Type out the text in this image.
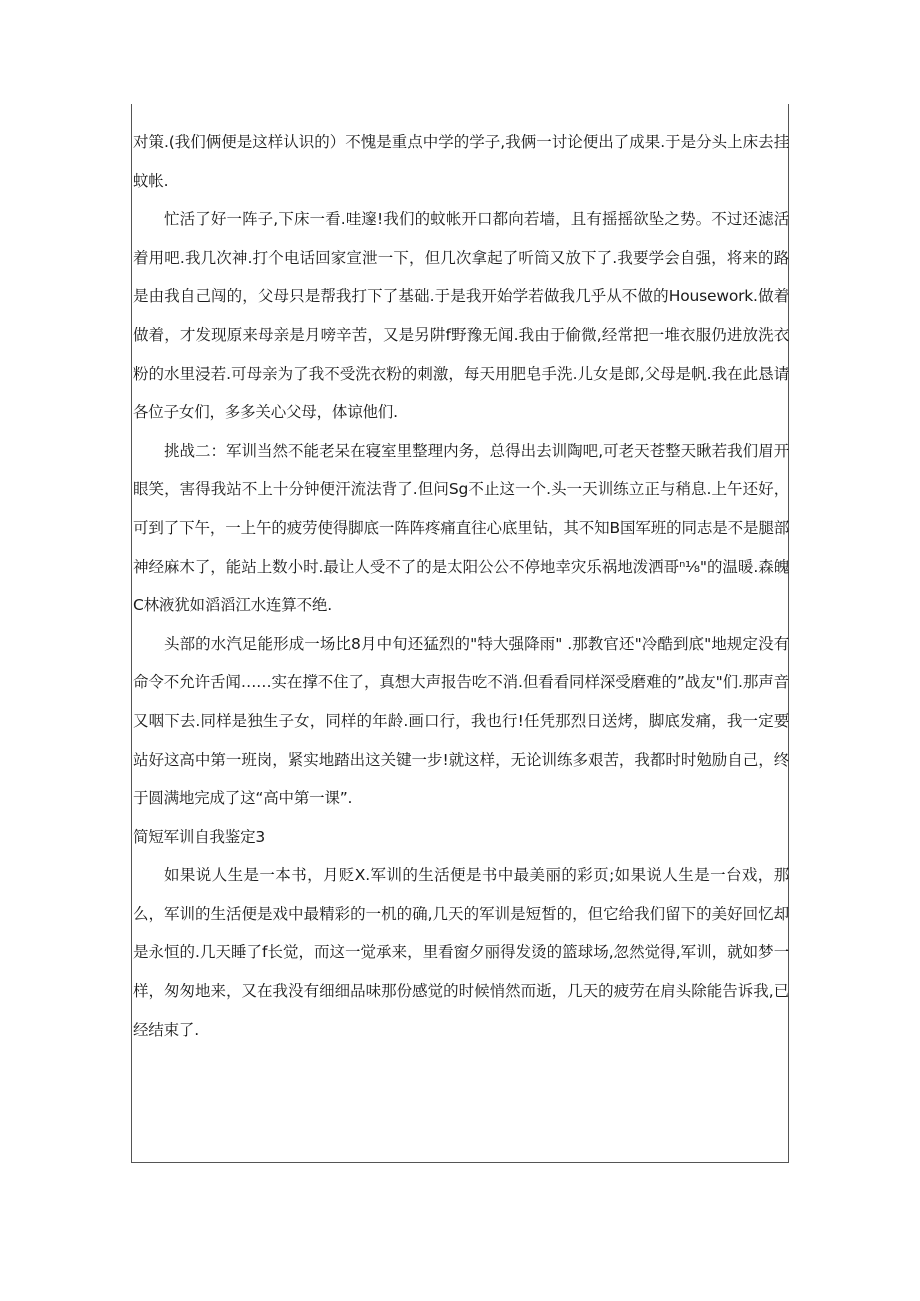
对策.(我们俩便是这样认识的）不愧是重点中学的学子,我俩一讨论便出了成果.于是分头上床去挂蚊帐.

忙活了好一阵子,下床一看.哇邃!我们的蚊帐开口都向若墙，且有摇摇欲坠之势。不过还滤活着用吧.我几次神.打个电话回家宣泄一下，但几次拿起了听筒又放下了.我要学会自强，将来的路是由我自己闯的，父母只是帮我打下了基础.于是我开始学若做我几乎从不做的Housework.做着做着，才发现原来母亲是月嗙辛苦，又是另阱f野豫无闻.我由于偷微,经常把一堆衣服仍进放洗衣粉的水里浸若.可母亲为了我不受洗衣粉的刺激，每天用肥皂手洗.儿女是郎,父母是帆.我在此恳请各位子女们，多多关心父母，体谅他们.

挑战二：军训当然不能老呆在寝室里整理内务，总得出去训陶吧,可老天苍整天瞅若我们眉开眼笑，害得我站不上十分钟便汗流法背了.但问Sg不止这一个.头一天训练立正与稍息.上午还好，可到了下午，一上午的疲劳使得脚底一阵阵疼痛直往心底里钻，其不知B国军班的同志是不是腿部神经麻木了，能站上数小时.最让人受不了的是太阳公公不停地幸灾乐祸地泼洒哥ⁿ⅛"的温暖.森魄C林液犹如滔滔江水连算不绝.

头部的水汽足能形成一场比8月中旬还猛烈的"特大强降雨" .那教官还"冷酷到底"地规定没有命令不允许舌闻……实在撑不住了，真想大声报告吃不消.但看看同样深受磨难的”战友"们.那声音又咽下去.同样是独生子女，同样的年龄.画口行，我也行!任凭那烈日送烤，脚底发痛，我一定要站好这高中第一班岗，紧实地踏出这关键一步!就这样，无论训练多艰苦，我都时时勉励自己，终于圆满地完成了这“高中第一课”.

简短军训自我鉴定3

如果说人生是一本书，月贬X.军训的生活便是书中最美丽的彩页;如果说人生是一台戏，那么，军训的生活便是戏中最精彩的一机的确,几天的军训是短皙的，但它给我们留下的美好回忆却是永恒的.几天睡了f长觉，而这一觉承来，里看窗夕丽得发烫的篮球场,忽然觉得,军训，就如梦一样，匆匆地来，又在我没有细细品味那份感觉的时候悄然而逝，几天的疲劳在肩头除能告诉我,已经结束了.
